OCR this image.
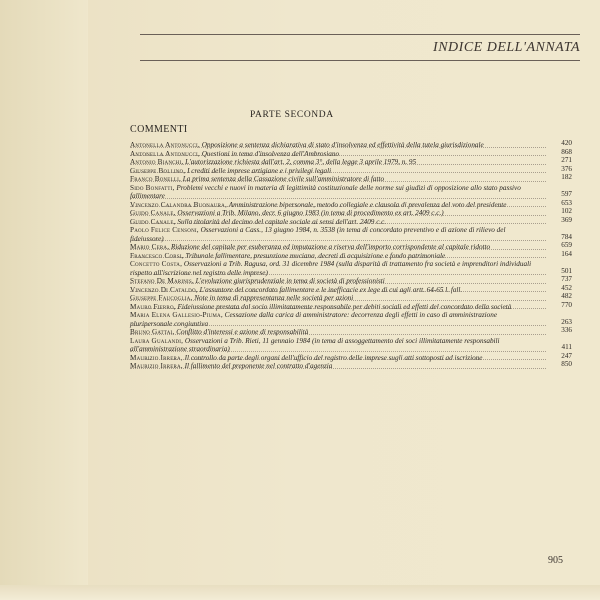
INDICE DELL'ANNATA
PARTE SECONDA
COMMENTI
Antonella Antonucci, Opposizione a sentenza dichiarativa di stato d'insolvenza ed effettività della tutela giurisdizionale	420
Antonella Antonucci, Questioni in tema d'insolvenza dell'Ambrosiano	868
Antonio Bianchi, L'autorizzazione richiesta dall'art. 2, comma 3°, della legge 3 aprile 1979, n. 95	271
Giuseppe Bollino, I crediti delle imprese artigiane e i privilegi legali	376
Franco Bonelli, La prima sentenza della Cassazione civile sull'amministratore di fatto	182
Sido Bonfatti, Problemi vecchi e nuovi in materia di legittimità costituzionale delle norme sui giudizi di opposizione allo stato passivo fallimentare	597
Vincenzo Calandra Buonaura, Amministrazione bipersonale, metodo collegiale e clausola di prevalenza del voto del presidente	653
Guido Canale, Osservazioni a Trib. Milano, decr. 6 giugno 1983 (in tema di procedimento ex art. 2409 c.c.)	102
Guido Canale, Sulla titolarità del decimo del capitale sociale ai sensi dell'art. 2409 c.c.	369
Paolo Felice Censoni, Osservazioni a Cass., 13 giugno 1984, n. 3538 (in tema di concordato preventivo e di azione di rilievo del fideiussore)	784
Mario Cera, Riduzione del capitale per esuberanza ed imputazione a riserva dell'importo corrispondente al capitale ridotto	659
Francesco Corsi, Tribunale fallimentare, presunzione muciana, decreti di acquisizione e fondo patrimoniale	164
Concetto Costa, Osservazioni a Trib. Ragusa, ord. 31 dicembre 1984 (sulla disparità di trattamento fra società e imprenditori individuali rispetto all'iscrizione nel registro delle imprese)	501
Stefano De Marinis, L'evoluzione giurisprudenziale in tema di società di professionisti	737
Vincenzo Di Cataldo, L'assuntore del concordato fallimentare e le inefficacie ex lege di cui agli artt. 64-65 l. fall.	452
Giuseppe Faucoglia, Note in tema di rappresentanza nelle società per azioni	482
Mauro Fierro, Fideiussione prestata dal socio illimitatamente responsabile per debiti sociali ed effetti del concordato della società	770
Maria Elena Gallesio-Piuma, Cessazione dalla carica di amministratore: decorrenza degli effetti in caso di amministrazione pluripersonale congiuntiva	263
Bruno Gattai, Conflitto d'interessi e azione di responsabilità	336
Laura Gualandi, Osservazioni a Trib. Rieti, 11 gennaio 1984 (in tema di assoggettamento dei soci illimitatamente responsabili all'amministrazione straordinaria)	411
Maurizio Irrera, Il controllo da parte degli organi dell'ufficio del registro delle imprese sugli atti sottoposti ad iscrizione	247
Maurizio Irrera, Il fallimento del preponente nel contratto d'agenzia	850
905
